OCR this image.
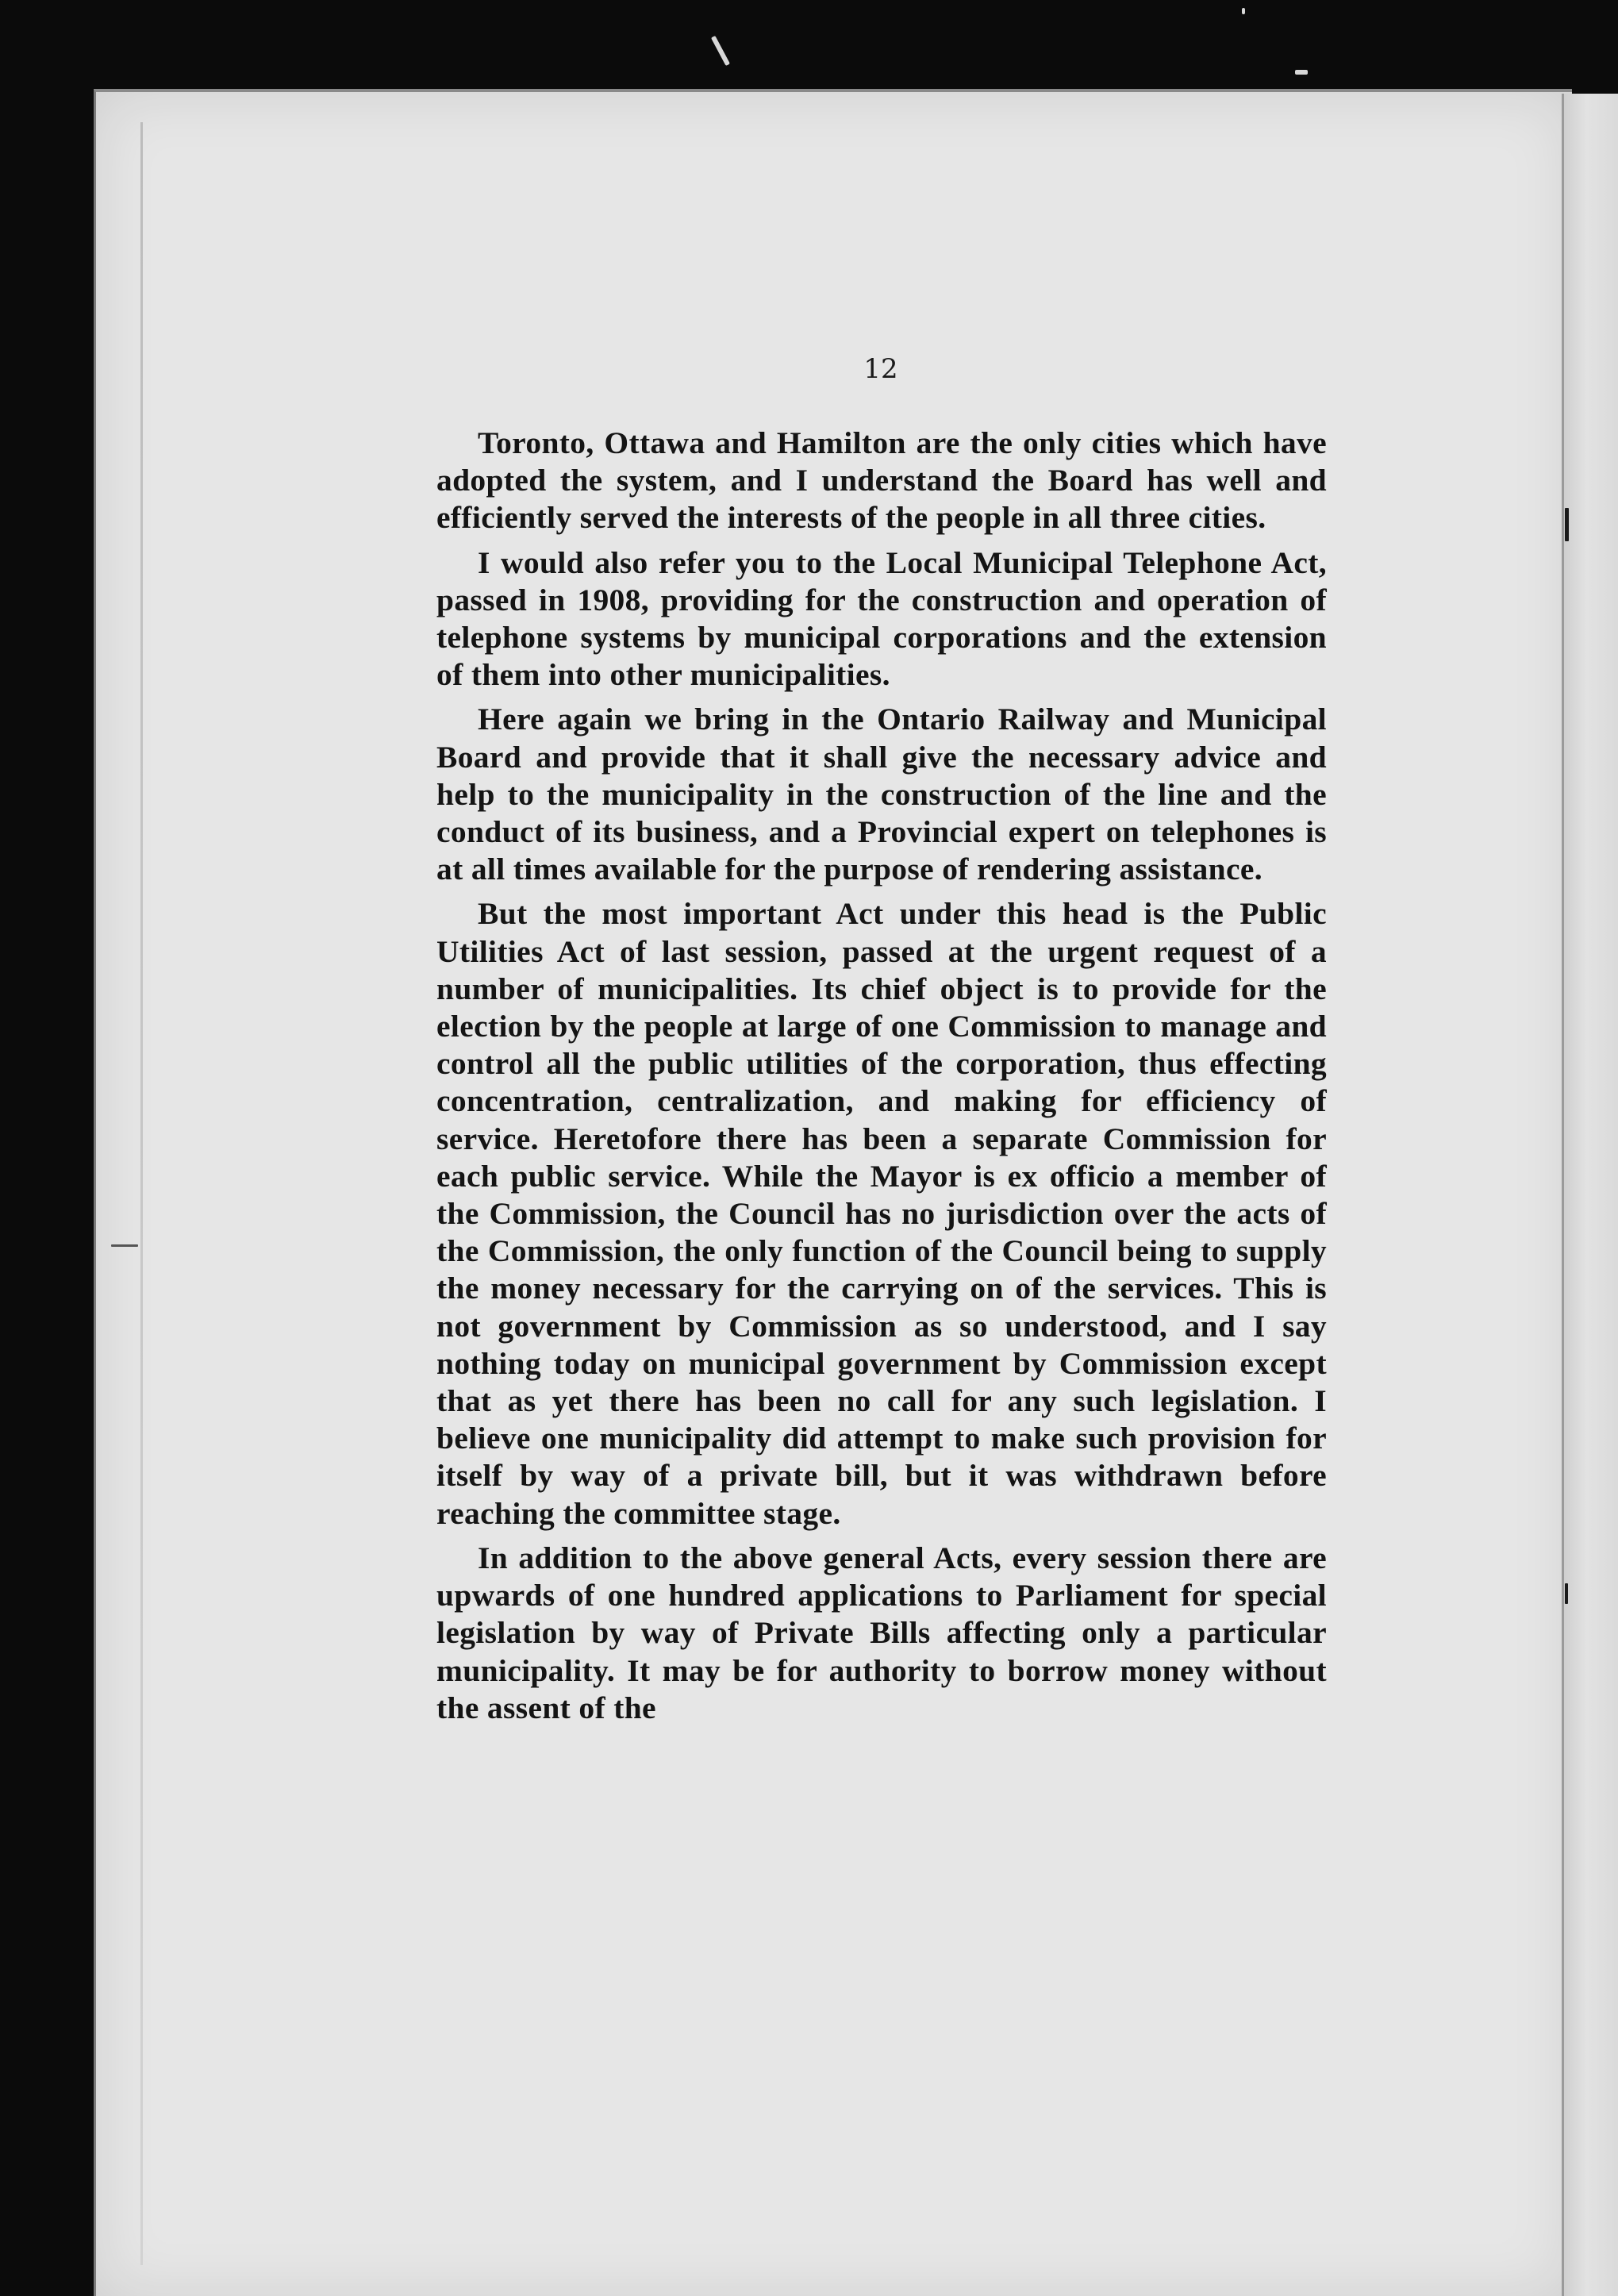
12

Toronto, Ottawa and Hamilton are the only cities which have adopted the system, and I understand the Board has well and efficiently served the interests of the people in all three cities.

I would also refer you to the Local Municipal Telephone Act, passed in 1908, providing for the construction and operation of telephone systems by municipal corporations and the extension of them into other municipalities.

Here again we bring in the Ontario Railway and Municipal Board and provide that it shall give the necessary advice and help to the municipality in the construction of the line and the conduct of its business, and a Provincial expert on telephones is at all times available for the purpose of rendering assistance.

But the most important Act under this head is the Public Utilities Act of last session, passed at the urgent request of a number of municipalities. Its chief object is to provide for the election by the people at large of one Commission to manage and control all the public utilities of the corporation, thus effecting concentration, centralization, and making for efficiency of service. Heretofore there has been a separate Commission for each public service. While the Mayor is ex officio a member of the Commission, the Council has no jurisdiction over the acts of the Commission, the only function of the Council being to supply the money necessary for the carrying on of the services. This is not government by Commission as so understood, and I say nothing today on municipal government by Commission except that as yet there has been no call for any such legislation. I believe one municipality did attempt to make such provision for itself by way of a private bill, but it was withdrawn before reaching the committee stage.

In addition to the above general Acts, every session there are upwards of one hundred applications to Parliament for special legislation by way of Private Bills affecting only a particular municipality. It may be for authority to borrow money without the assent of the
